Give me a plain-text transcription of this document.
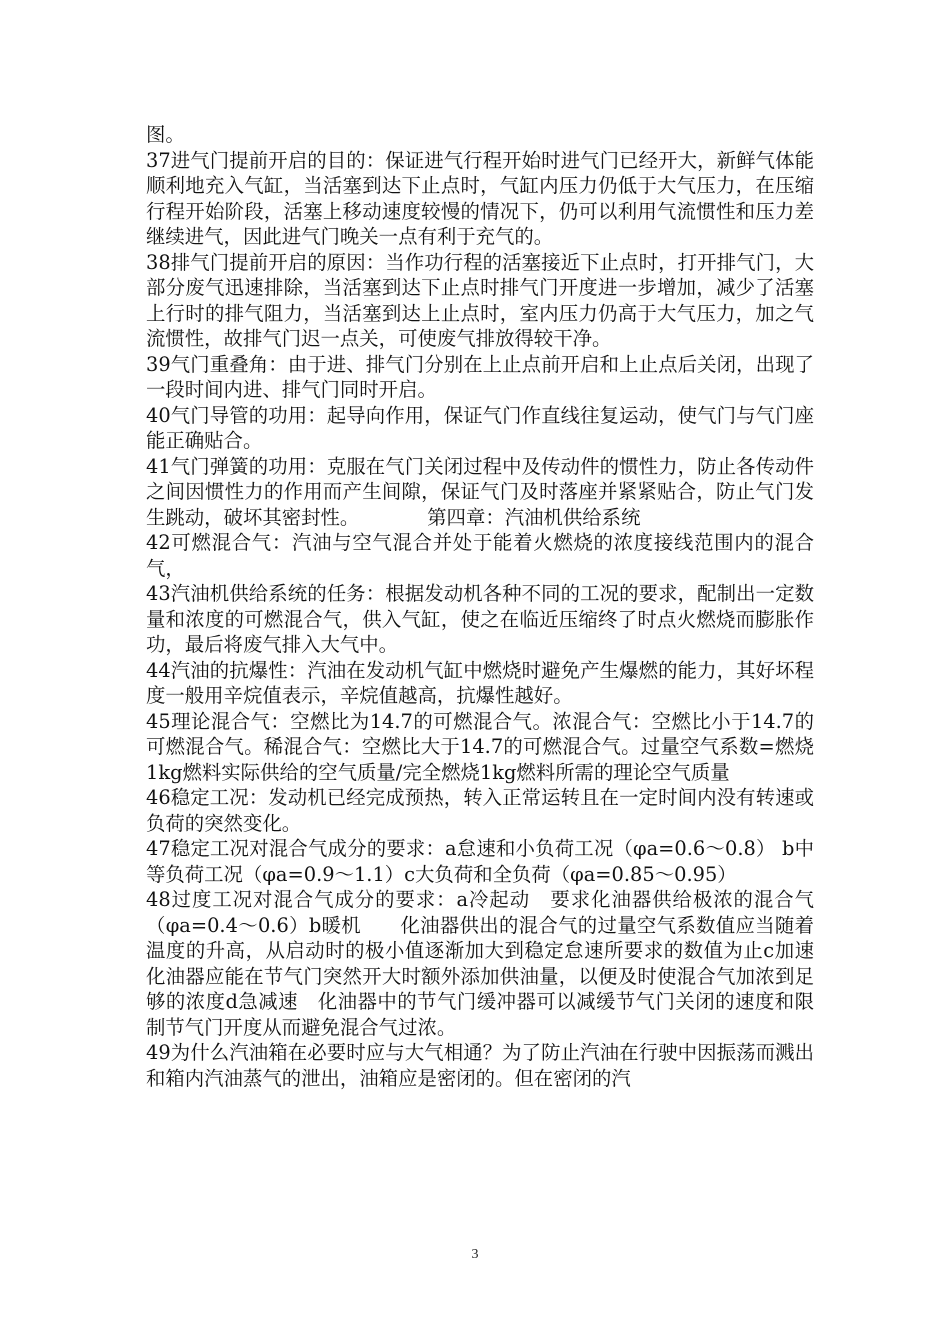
图。

37进气门提前开启的目的：保证进气行程开始时进气门已经开大，新鲜气体能顺利地充入气缸，当活塞到达下止点时，气缸内压力仍低于大气压力，在压缩行程开始阶段，活塞上移动速度较慢的情况下，仍可以利用气流惯性和压力差继续进气，因此进气门晚关一点有利于充气的。

38排气门提前开启的原因：当作功行程的活塞接近下止点时，打开排气门，大部分废气迅速排除，当活塞到达下止点时排气门开度进一步增加，减少了活塞上行时的排气阻力，当活塞到达上止点时，室内压力仍高于大气压力，加之气流惯性，故排气门迟一点关，可使废气排放得较干净。

39气门重叠角：由于进、排气门分别在上止点前开启和上止点后关闭，出现了一段时间内进、排气门同时开启。

40气门导管的功用：起导向作用，保证气门作直线往复运动，使气门与气门座能正确贴合。

41气门弹簧的功用：克服在气门关闭过程中及传动件的惯性力，防止各传动件之间因惯性力的作用而产生间隙，保证气门及时落座并紧紧贴合，防止气门发生跳动，破坏其密封性。　　　　第四章：汽油机供给系统

42可燃混合气：汽油与空气混合并处于能着火燃烧的浓度接线范围内的混合气，

43汽油机供给系统的任务：根据发动机各种不同的工况的要求，配制出一定数量和浓度的可燃混合气，供入气缸，使之在临近压缩终了时点火燃烧而膨胀作功，最后将废气排入大气中。

44汽油的抗爆性：汽油在发动机气缸中燃烧时避免产生爆燃的能力，其好坏程度一般用辛烷值表示，辛烷值越高，抗爆性越好。

45理论混合气：空燃比为14.7的可燃混合气。浓混合气：空燃比小于14.7的可燃混合气。稀混合气：空燃比大于14.7的可燃混合气。过量空气系数=燃烧1kg燃料实际供给的空气质量/完全燃烧1kg燃料所需的理论空气质量

46稳定工况：发动机已经完成预热，转入正常运转且在一定时间内没有转速或负荷的突然变化。

47稳定工况对混合气成分的要求：a怠速和小负荷工况（φa=0.6～0.8） b中等负荷工况（φa=0.9～1.1）c大负荷和全负荷（φa=0.85～0.95）

48过度工况对混合气成分的要求：a冷起动　要求化油器供给极浓的混合气（φa=0.4～0.6）b暖机　　化油器供出的混合气的过量空气系数值应当随着温度的升高，从启动时的极小值逐渐加大到稳定怠速所要求的数值为止c加速　　化油器应能在节气门突然开大时额外添加供油量，以便及时使混合气加浓到足够的浓度d急减速　化油器中的节气门缓冲器可以减缓节气门关闭的速度和限制节气门开度从而避免混合气过浓。

49为什么汽油箱在必要时应与大气相通？为了防止汽油在行驶中因振荡而溅出和箱内汽油蒸气的泄出，油箱应是密闭的。但在密闭的汽

3
